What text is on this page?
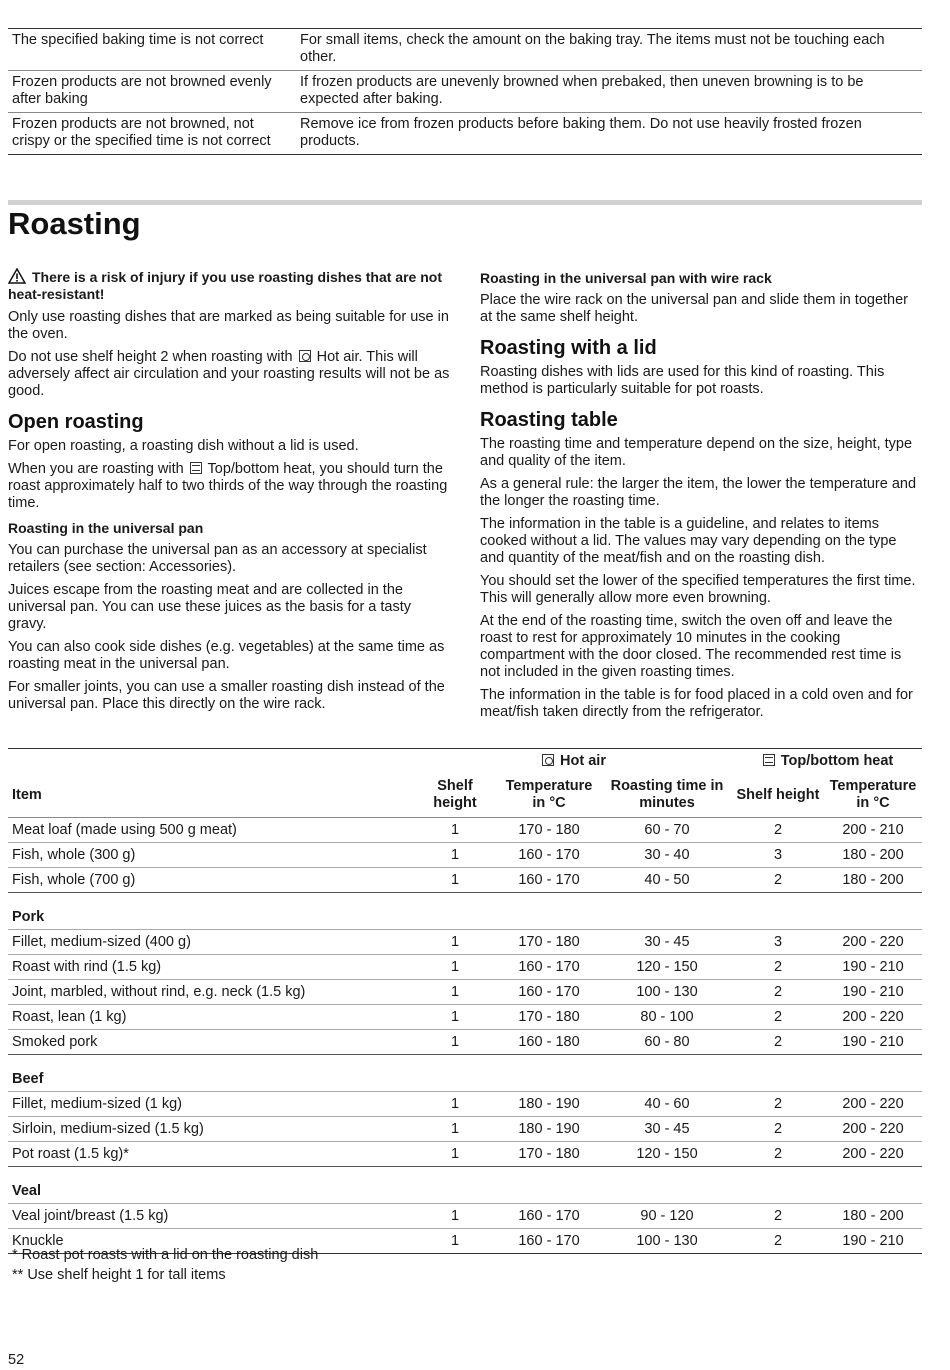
The specified baking time is not correct	For small items, check the amount on the baking tray. The items must not be touching each other.
Frozen products are not browned evenly after baking	If frozen products are unevenly browned when prebaked, then uneven browning is to be expected after baking.
Frozen products are not browned, not crispy or the specified time is not correct	Remove ice from frozen products before baking them. Do not use heavily frosted frozen products.
Roasting

There is a risk of injury if you use roasting dishes that are not heat-resistant!

Only use roasting dishes that are marked as being suitable for use in the oven.

Do not use shelf height 2 when roasting with  Hot air. This will adversely affect air circulation and your roasting results will not be as good.

Open roasting

For open roasting, a roasting dish without a lid is used.

When you are roasting with  Top/bottom heat, you should turn the roast approximately half to two thirds of the way through the roasting time.

Roasting in the universal pan

You can purchase the universal pan as an accessory at specialist retailers (see section: Accessories).

Juices escape from the roasting meat and are collected in the universal pan. You can use these juices as the basis for a tasty gravy.

You can also cook side dishes (e.g. vegetables) at the same time as roasting meat in the universal pan.

For smaller joints, you can use a smaller roasting dish instead of the universal pan. Place this directly on the wire rack.

Roasting in the universal pan with wire rack

Place the wire rack on the universal pan and slide them in together at the same shelf height.

Roasting with a lid

Roasting dishes with lids are used for this kind of roasting. This method is particularly suitable for pot roasts.

Roasting table

The roasting time and temperature depend on the size, height, type and quality of the item.

As a general rule: the larger the item, the lower the temperature and the longer the roasting time.

The information in the table is a guideline, and relates to items cooked without a lid. The values may vary depending on the type and quantity of the meat/fish and on the roasting dish.

You should set the lower of the specified temperatures the first time. This will generally allow more even browning.

At the end of the roasting time, switch the oven off and leave the roast to rest for approximately 10 minutes in the cooking compartment with the door closed. The recommended rest time is not included in the given roasting times.

The information in the table is for food placed in a cold oven and for meat/fish taken directly from the refrigerator.

	Hot air			Top/bottom heat	
Item	Shelf height	Temperature in °C	Roasting time in minutes	Shelf height	Temperature in °C
Meat loaf (made using 500 g meat)	1	170 - 180	60 - 70	2	200 - 210
Fish, whole (300 g)	1	160 - 170	30 - 40	3	180 - 200
Fish, whole (700 g)	1	160 - 170	40 - 50	2	180 - 200
Pork					
Fillet, medium-sized (400 g)	1	170 - 180	30 - 45	3	200 - 220
Roast with rind (1.5 kg)	1	160 - 170	120 - 150	2	190 - 210
Joint, marbled, without rind, e.g. neck (1.5 kg)	1	160 - 170	100 - 130	2	190 - 210
Roast, lean (1 kg)	1	170 - 180	80 - 100	2	200 - 220
Smoked pork	1	160 - 180	60 - 80	2	190 - 210
Beef					
Fillet, medium-sized (1 kg)	1	180 - 190	40 - 60	2	200 - 220
Sirloin, medium-sized (1.5 kg)	1	180 - 190	30 - 45	2	200 - 220
Pot roast (1.5 kg)*	1	170 - 180	120 - 150	2	200 - 220
Veal					
Veal joint/breast (1.5 kg)	1	160 - 170	90 - 120	2	180 - 200
Knuckle	1	160 - 170	100 - 130	2	190 - 210
* Roast pot roasts with a lid on the roasting dish
** Use shelf height 1 for tall items
52
